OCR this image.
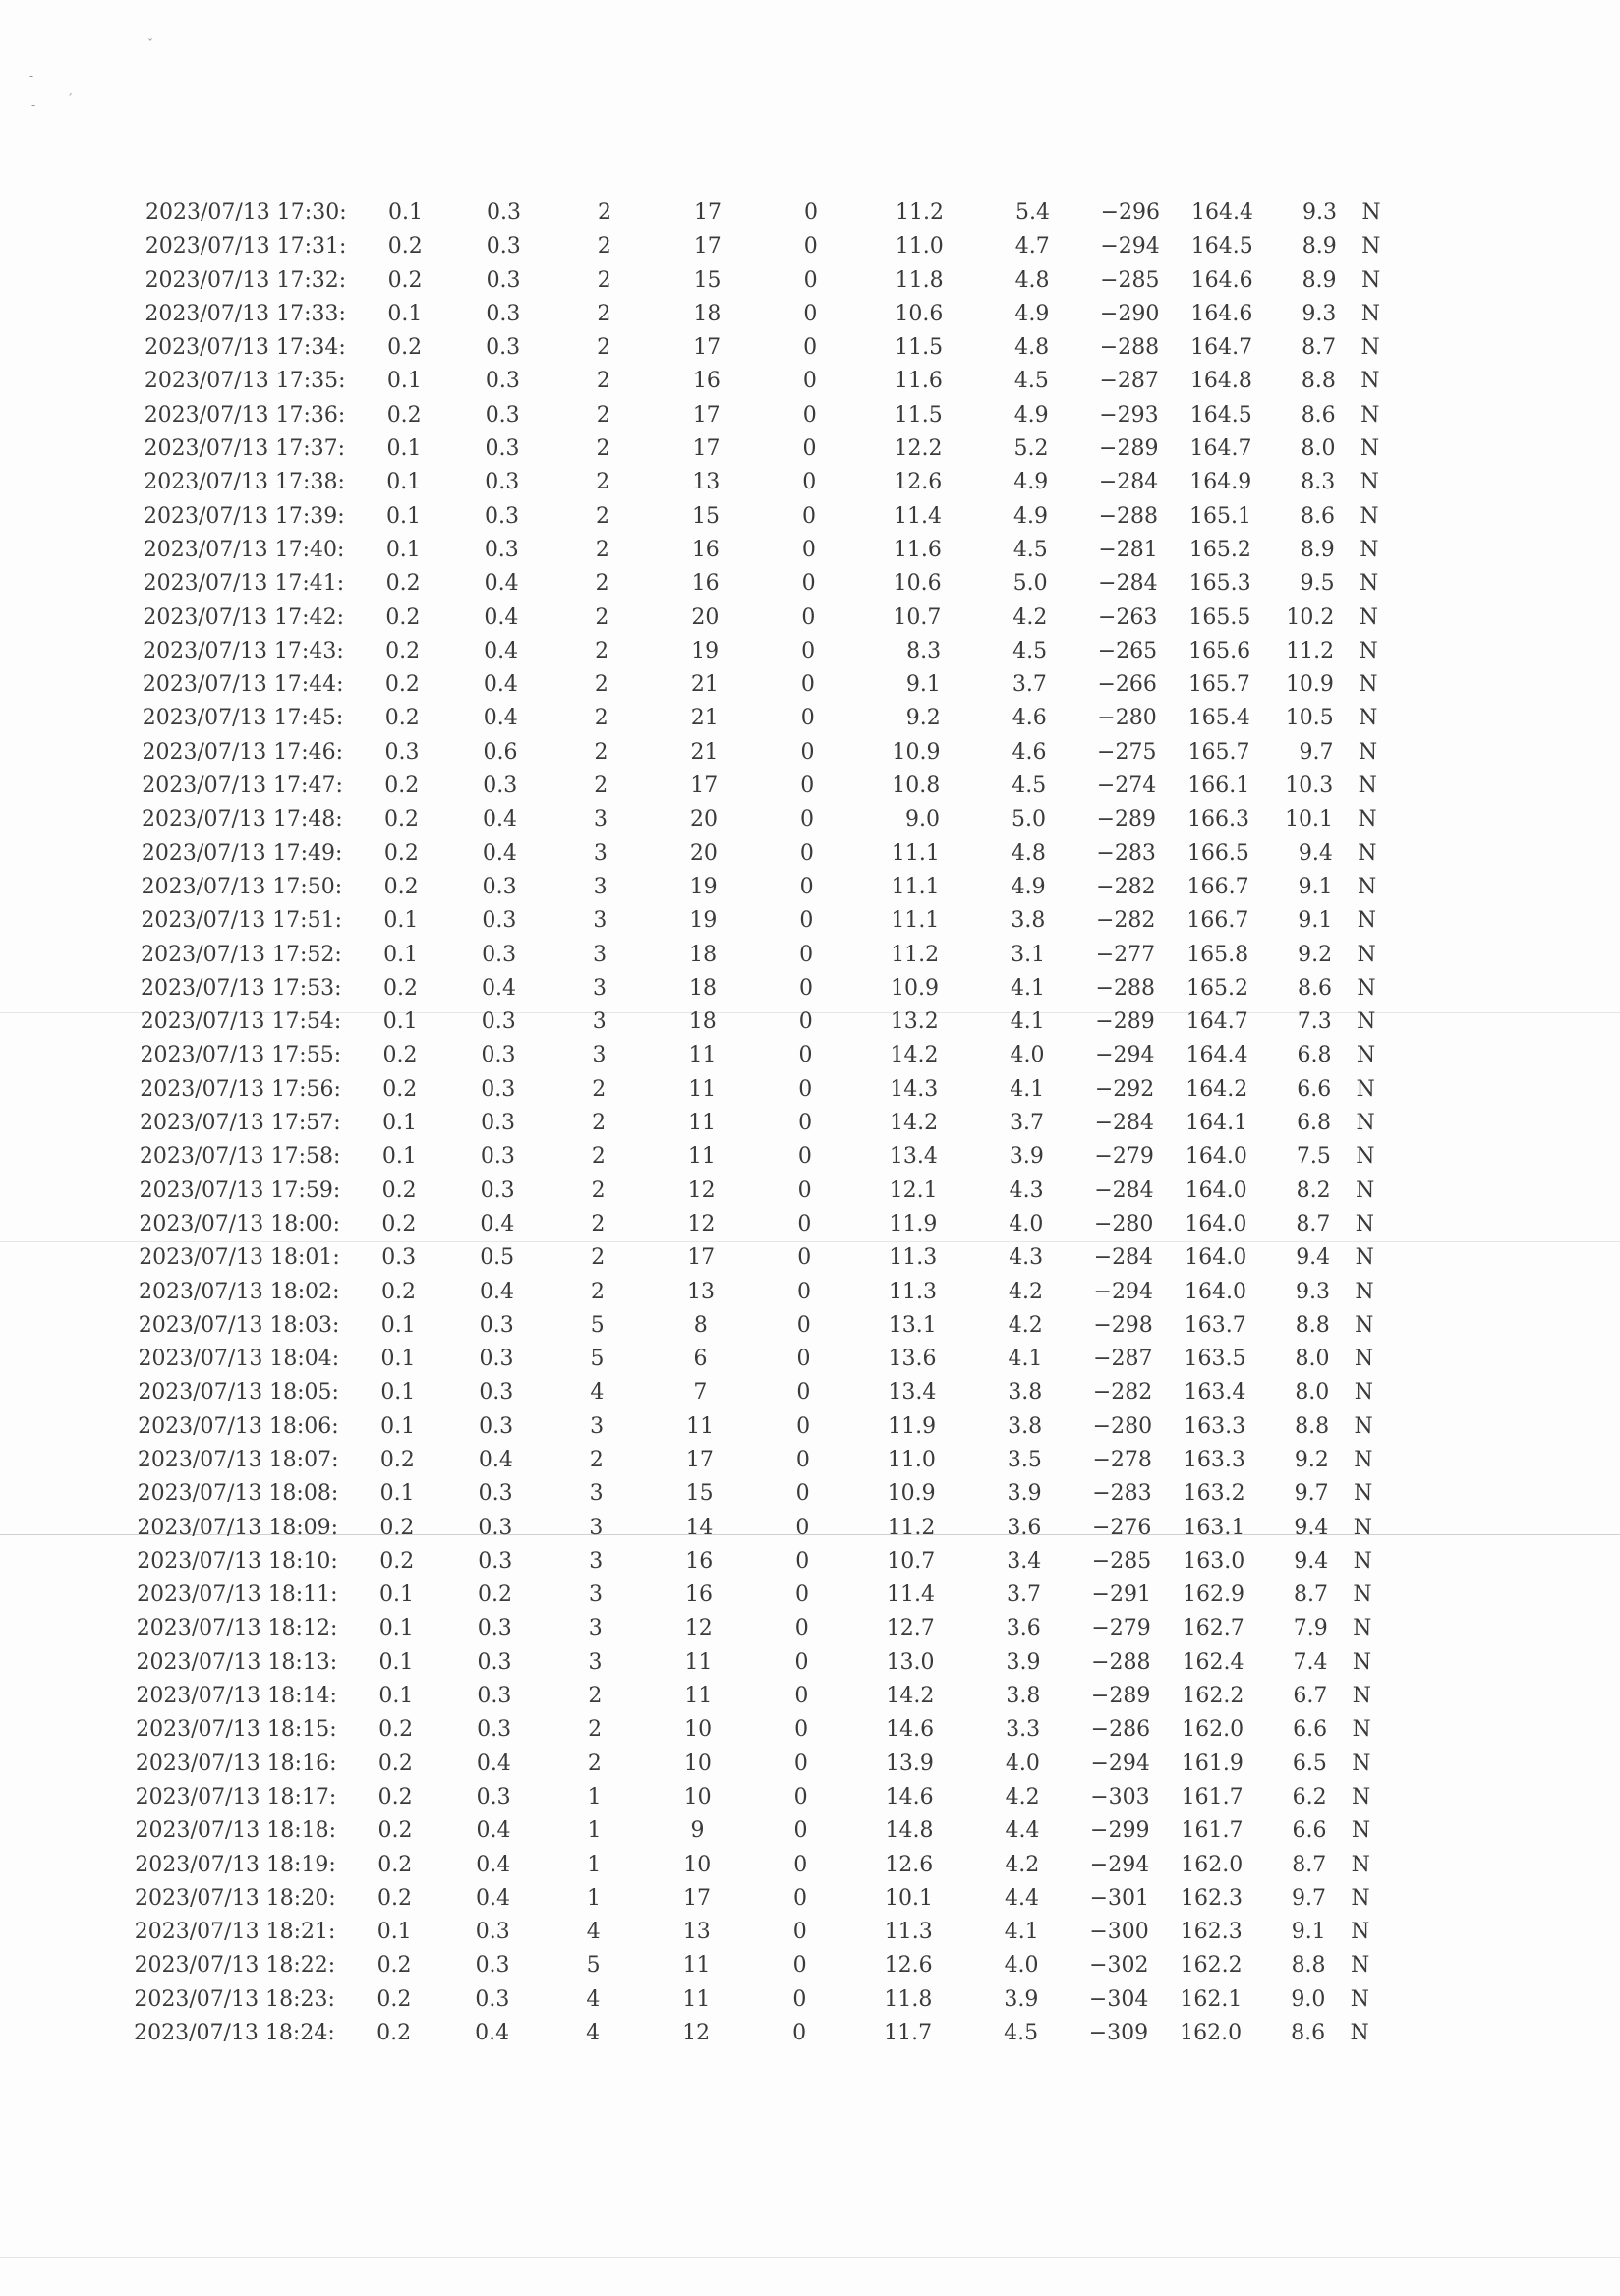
ˇ
-
-	ˊ
2023/07/13 17:30: 0.1	0.3	2	17	0	11.2	5.4	−296	164.4	9.3 N
2023/07/13 17:31: 0.2	0.3	2	17	0	11.0	4.7	−294	164.5	8.9 N
2023/07/13 17:32: 0.2	0.3	2	15	0	11.8	4.8	−285	164.6	8.9 N
2023/07/13 17:33: 0.1	0.3	2	18	0	10.6	4.9	−290	164.6	9.3 N
2023/07/13 17:34: 0.2	0.3	2	17	0	11.5	4.8	−288	164.7	8.7 N
2023/07/13 17:35: 0.1	0.3	2	16	0	11.6	4.5	−287	164.8	8.8 N
2023/07/13 17:36: 0.2	0.3	2	17	0	11.5	4.9	−293	164.5	8.6 N
2023/07/13 17:37: 0.1	0.3	2	17	0	12.2	5.2	−289	164.7	8.0 N
2023/07/13 17:38: 0.1	0.3	2	13	0	12.6	4.9	−284	164.9	8.3 N
2023/07/13 17:39: 0.1	0.3	2	15	0	11.4	4.9	−288	165.1	8.6 N
2023/07/13 17:40: 0.1	0.3	2	16	0	11.6	4.5	−281	165.2	8.9 N
2023/07/13 17:41: 0.2	0.4	2	16	0	10.6	5.0	−284	165.3	9.5 N
2023/07/13 17:42: 0.2	0.4	2	20	0	10.7	4.2	−263	165.5	10.2 N
2023/07/13 17:43: 0.2	0.4	2	19	0	8.3	4.5	−265	165.6	11.2 N
2023/07/13 17:44: 0.2	0.4	2	21	0	9.1	3.7	−266	165.7	10.9 N
2023/07/13 17:45: 0.2	0.4	2	21	0	9.2	4.6	−280	165.4	10.5 N
2023/07/13 17:46: 0.3	0.6	2	21	0	10.9	4.6	−275	165.7	9.7 N
2023/07/13 17:47: 0.2	0.3	2	17	0	10.8	4.5	−274	166.1	10.3 N
2023/07/13 17:48: 0.2	0.4	3	20	0	9.0	5.0	−289	166.3	10.1 N
2023/07/13 17:49: 0.2	0.4	3	20	0	11.1	4.8	−283	166.5	9.4 N
2023/07/13 17:50: 0.2	0.3	3	19	0	11.1	4.9	−282	166.7	9.1 N
2023/07/13 17:51: 0.1	0.3	3	19	0	11.1	3.8	−282	166.7	9.1 N
2023/07/13 17:52: 0.1	0.3	3	18	0	11.2	3.1	−277	165.8	9.2 N
2023/07/13 17:53: 0.2	0.4	3	18	0	10.9	4.1	−288	165.2	8.6 N
2023/07/13 17:54: 0.1	0.3	3	18	0	13.2	4.1	−289	164.7	7.3 N
2023/07/13 17:55: 0.2	0.3	3	11	0	14.2	4.0	−294	164.4	6.8 N
2023/07/13 17:56: 0.2	0.3	2	11	0	14.3	4.1	−292	164.2	6.6 N
2023/07/13 17:57: 0.1	0.3	2	11	0	14.2	3.7	−284	164.1	6.8 N
2023/07/13 17:58: 0.1	0.3	2	11	0	13.4	3.9	−279	164.0	7.5 N
2023/07/13 17:59: 0.2	0.3	2	12	0	12.1	4.3	−284	164.0	8.2 N
2023/07/13 18:00: 0.2	0.4	2	12	0	11.9	4.0	−280	164.0	8.7 N
2023/07/13 18:01: 0.3	0.5	2	17	0	11.3	4.3	−284	164.0	9.4 N
2023/07/13 18:02: 0.2	0.4	2	13	0	11.3	4.2	−294	164.0	9.3 N
2023/07/13 18:03: 0.1	0.3	5	8	0	13.1	4.2	−298	163.7	8.8 N
2023/07/13 18:04: 0.1	0.3	5	6	0	13.6	4.1	−287	163.5	8.0 N
2023/07/13 18:05: 0.1	0.3	4	7	0	13.4	3.8	−282	163.4	8.0 N
2023/07/13 18:06: 0.1	0.3	3	11	0	11.9	3.8	−280	163.3	8.8 N
2023/07/13 18:07: 0.2	0.4	2	17	0	11.0	3.5	−278	163.3	9.2 N
2023/07/13 18:08: 0.1	0.3	3	15	0	10.9	3.9	−283	163.2	9.7 N
2023/07/13 18:09: 0.2	0.3	3	14	0	11.2	3.6	−276	163.1	9.4 N
2023/07/13 18:10: 0.2	0.3	3	16	0	10.7	3.4	−285	163.0	9.4 N
2023/07/13 18:11: 0.1	0.2	3	16	0	11.4	3.7	−291	162.9	8.7 N
2023/07/13 18:12: 0.1	0.3	3	12	0	12.7	3.6	−279	162.7	7.9 N
2023/07/13 18:13: 0.1	0.3	3	11	0	13.0	3.9	−288	162.4	7.4 N
2023/07/13 18:14: 0.1	0.3	2	11	0	14.2	3.8	−289	162.2	6.7 N
2023/07/13 18:15: 0.2	0.3	2	10	0	14.6	3.3	−286	162.0	6.6 N
2023/07/13 18:16: 0.2	0.4	2	10	0	13.9	4.0	−294	161.9	6.5 N
2023/07/13 18:17: 0.2	0.3	1	10	0	14.6	4.2	−303	161.7	6.2 N
2023/07/13 18:18: 0.2	0.4	1	9	0	14.8	4.4	−299	161.7	6.6 N
2023/07/13 18:19: 0.2	0.4	1	10	0	12.6	4.2	−294	162.0	8.7 N
2023/07/13 18:20: 0.2	0.4	1	17	0	10.1	4.4	−301	162.3	9.7 N
2023/07/13 18:21: 0.1	0.3	4	13	0	11.3	4.1	−300	162.3	9.1 N
2023/07/13 18:22: 0.2	0.3	5	11	0	12.6	4.0	−302	162.2	8.8 N
2023/07/13 18:23: 0.2	0.3	4	11	0	11.8	3.9	−304	162.1	9.0 N
2023/07/13 18:24: 0.2	0.4	4	12	0	11.7	4.5	−309	162.0	8.6 N
